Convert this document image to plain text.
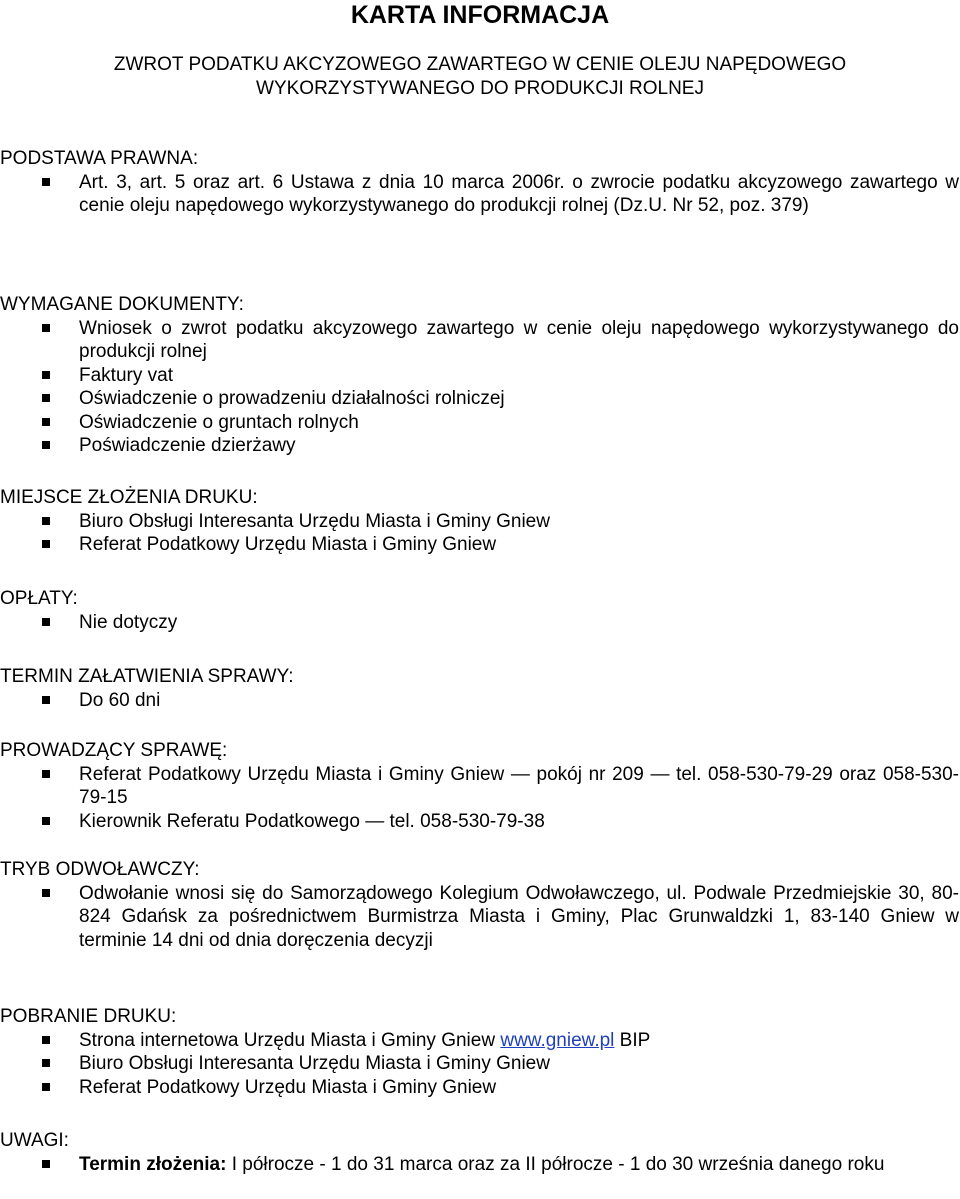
KARTA INFORMACJA
ZWROT PODATKU AKCYZOWEGO ZAWARTEGO W CENIE OLEJU NAPĘDOWEGO
WYKORZYSTYWANEGO DO PRODUKCJI ROLNEJ
PODSTAWA PRAWNA:
Art. 3, art. 5 oraz art. 6 Ustawa z dnia 10 marca 2006r. o zwrocie podatku akcyzowego zawartego w cenie oleju napędowego wykorzystywanego do produkcji rolnej (Dz.U. Nr 52, poz. 379)
WYMAGANE DOKUMENTY:
Wniosek o zwrot podatku akcyzowego zawartego w cenie oleju napędowego wykorzystywanego do produkcji rolnej
Faktury vat
Oświadczenie o prowadzeniu działalności rolniczej
Oświadczenie o gruntach rolnych
Poświadczenie dzierżawy
MIEJSCE ZŁOŻENIA DRUKU:
Biuro Obsługi Interesanta Urzędu Miasta i Gminy Gniew
Referat Podatkowy Urzędu Miasta i Gminy Gniew
OPŁATY:
Nie dotyczy
TERMIN ZAŁATWIENIA SPRAWY:
Do 60 dni
PROWADZĄCY SPRAWĘ:
Referat Podatkowy Urzędu Miasta i Gminy Gniew — pokój nr 209 — tel. 058-530-79-29 oraz 058-530-79-15
Kierownik Referatu Podatkowego — tel. 058-530-79-38
TRYB ODWOŁAWCZY:
Odwołanie wnosi się do Samorządowego Kolegium Odwoławczego, ul. Podwale Przedmiejskie 30, 80-824 Gdańsk za pośrednictwem Burmistrza Miasta i Gminy, Plac Grunwaldzki 1, 83-140 Gniew w terminie 14 dni od dnia doręczenia decyzji
POBRANIE DRUKU:
Strona internetowa Urzędu Miasta i Gminy Gniew www.gniew.pl BIP
Biuro Obsługi Interesanta Urzędu Miasta i Gminy Gniew
Referat Podatkowy Urzędu Miasta i Gminy Gniew
UWAGI:
Termin złożenia: I półrocze - 1 do 31 marca oraz za II półrocze - 1 do 30 września danego roku
